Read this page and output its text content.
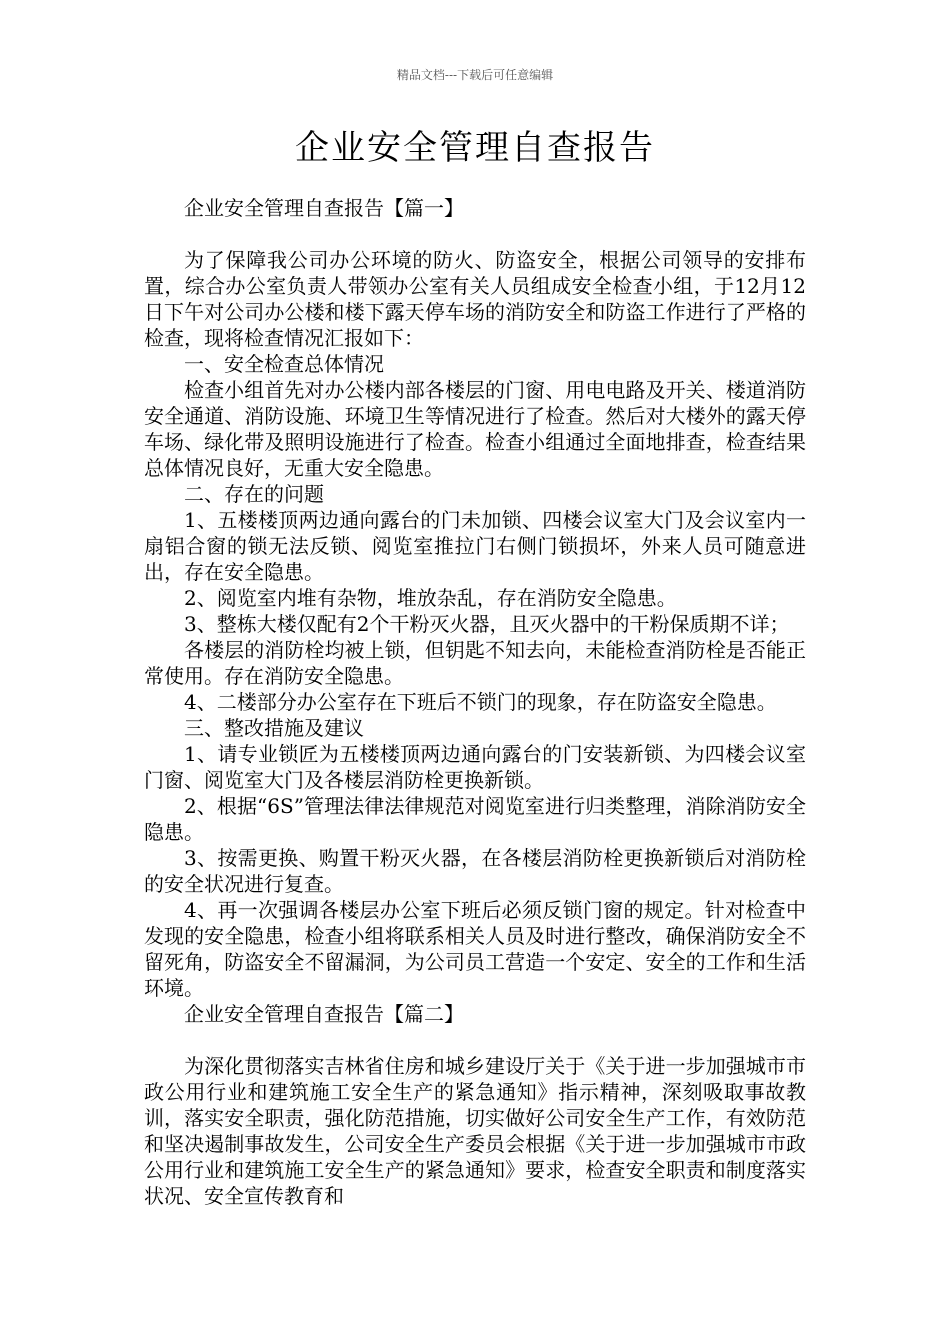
精品文档---下载后可任意编辑
企业安全管理自查报告

企业安全管理自查报告【篇一】

为了保障我公司办公环境的防火、防盗安全，根据公司领导的安排布置，综合办公室负责人带领办公室有关人员组成安全检查小组，于12月12日下午对公司办公楼和楼下露天停车场的消防安全和防盗工作进行了严格的检查，现将检查情况汇报如下：

一、安全检查总体情况

检查小组首先对办公楼内部各楼层的门窗、用电电路及开关、楼道消防安全通道、消防设施、环境卫生等情况进行了检查。然后对大楼外的露天停车场、绿化带及照明设施进行了检查。检查小组通过全面地排查，检查结果总体情况良好，无重大安全隐患。

二、存在的问题

1、五楼楼顶两边通向露台的门未加锁、四楼会议室大门及会议室内一扇铝合窗的锁无法反锁、阅览室推拉门右侧门锁损坏，外来人员可随意进出，存在安全隐患。

2、阅览室内堆有杂物，堆放杂乱，存在消防安全隐患。

3、整栋大楼仅配有2个干粉灭火器，且灭火器中的干粉保质期不详；

各楼层的消防栓均被上锁，但钥匙不知去向，未能检查消防栓是否能正常使用。存在消防安全隐患。

4、二楼部分办公室存在下班后不锁门的现象，存在防盗安全隐患。

三、整改措施及建议

1、请专业锁匠为五楼楼顶两边通向露台的门安装新锁、为四楼会议室门窗、阅览室大门及各楼层消防栓更换新锁。

2、根据“6S”管理法律法律规范对阅览室进行归类整理，消除消防安全隐患。

3、按需更换、购置干粉灭火器，在各楼层消防栓更换新锁后对消防栓的安全状况进行复查。

4、再一次强调各楼层办公室下班后必须反锁门窗的规定。针对检查中发现的安全隐患，检查小组将联系相关人员及时进行整改，确保消防安全不留死角，防盗安全不留漏洞，为公司员工营造一个安定、安全的工作和生活环境。

企业安全管理自查报告【篇二】

为深化贯彻落实吉林省住房和城乡建设厅关于《关于进一步加强城市市政公用行业和建筑施工安全生产的紧急通知》指示精神，深刻吸取事故教训，落实安全职责，强化防范措施，切实做好公司安全生产工作，有效防范和坚决遏制事故发生，公司安全生产委员会根据《关于进一步加强城市市政公用行业和建筑施工安全生产的紧急通知》要求，检查安全职责和制度落实状况、安全宣传教育和
